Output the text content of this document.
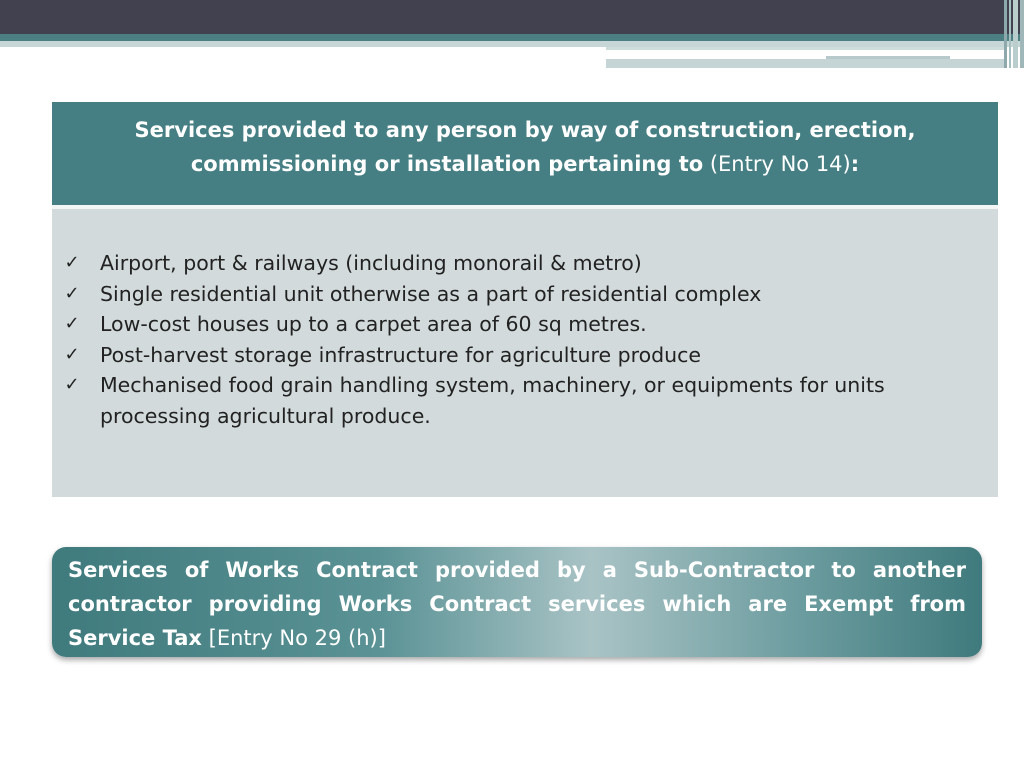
Services provided to any person by way of construction, erection, commissioning or installation pertaining to (Entry No 14):
✓ Airport, port & railways (including monorail & metro)
✓ Single residential unit otherwise as a part of residential complex
✓ Low-cost houses up to a carpet area of 60 sq metres.
✓ Post-harvest storage infrastructure for agriculture produce
✓ Mechanised food grain handling system, machinery, or equipments for units processing agricultural produce.
Services of Works Contract provided by a Sub-Contractor to another contractor providing Works Contract services which are Exempt from Service Tax [Entry No 29 (h)]
